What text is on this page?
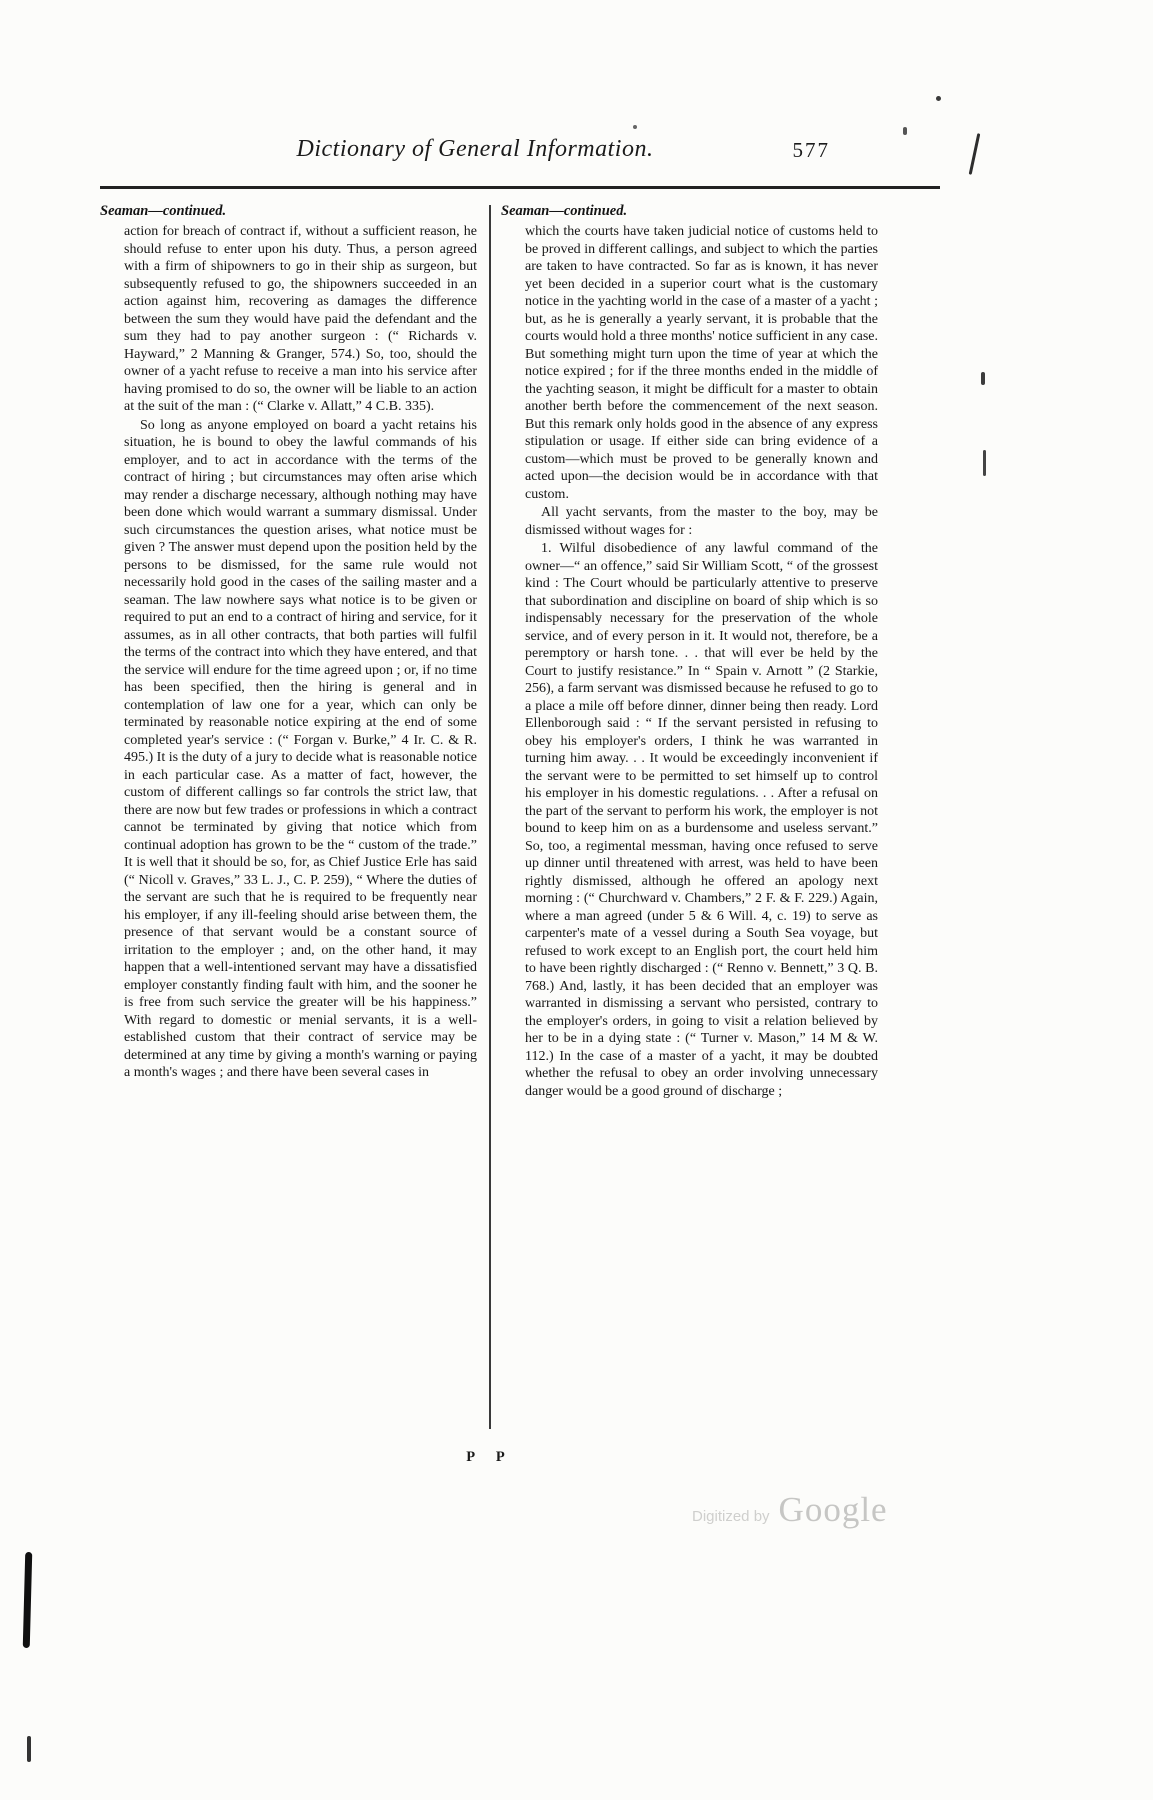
Dictionary of General Information.	577
Seaman—continued.

action for breach of contract if, without a sufficient reason, he should refuse to enter upon his duty. Thus, a person agreed with a firm of shipowners to go in their ship as surgeon, but subsequently refused to go, the shipowners succeeded in an action against him, recovering as damages the difference between the sum they would have paid the defendant and the sum they had to pay another surgeon : (“ Richards v. Hayward,” 2 Manning & Granger, 574.) So, too, should the owner of a yacht refuse to receive a man into his service after having promised to do so, the owner will be liable to an action at the suit of the man : (“ Clarke v. Allatt,” 4 C.B. 335).

So long as anyone employed on board a yacht retains his situation, he is bound to obey the lawful commands of his employer, and to act in accordance with the terms of the contract of hiring ; but circumstances may often arise which may render a discharge necessary, although nothing may have been done which would warrant a summary dismissal. Under such circumstances the question arises, what notice must be given ? The answer must depend upon the position held by the persons to be dismissed, for the same rule would not necessarily hold good in the cases of the sailing master and a seaman. The law nowhere says what notice is to be given or required to put an end to a contract of hiring and service, for it assumes, as in all other contracts, that both parties will fulfil the terms of the contract into which they have entered, and that the service will endure for the time agreed upon ; or, if no time has been specified, then the hiring is general and in contemplation of law one for a year, which can only be terminated by reasonable notice expiring at the end of some completed year's service : (“ Forgan v. Burke,” 4 Ir. C. & R. 495.) It is the duty of a jury to decide what is reasonable notice in each particular case. As a matter of fact, however, the custom of different callings so far controls the strict law, that there are now but few trades or professions in which a contract cannot be terminated by giving that notice which from continual adoption has grown to be the “ custom of the trade.” It is well that it should be so, for, as Chief Justice Erle has said (“ Nicoll v. Graves,” 33 L. J., C. P. 259), “ Where the duties of the servant are such that he is required to be frequently near his employer, if any ill-feeling should arise between them, the presence of that servant would be a constant source of irritation to the employer ; and, on the other hand, it may happen that a well-intentioned servant may have a dissatisfied employer constantly finding fault with him, and the sooner he is free from such service the greater will be his happiness.” With regard to domestic or menial servants, it is a well-established custom that their contract of service may be determined at any time by giving a month's warning or paying a month's wages ; and there have been several cases in

Seaman—continued.

which the courts have taken judicial notice of customs held to be proved in different callings, and subject to which the parties are taken to have contracted. So far as is known, it has never yet been decided in a superior court what is the customary notice in the yachting world in the case of a master of a yacht ; but, as he is generally a yearly servant, it is probable that the courts would hold a three months' notice sufficient in any case. But something might turn upon the time of year at which the notice expired ; for if the three months ended in the middle of the yachting season, it might be difficult for a master to obtain another berth before the commencement of the next season. But this remark only holds good in the absence of any express stipulation or usage. If either side can bring evidence of a custom—which must be proved to be generally known and acted upon—the decision would be in accordance with that custom.

All yacht servants, from the master to the boy, may be dismissed without wages for :

1. Wilful disobedience of any lawful command of the owner—“ an offence,” said Sir William Scott, “ of the grossest kind : The Court whould be particularly attentive to preserve that subordination and discipline on board of ship which is so indispensably necessary for the preservation of the whole service, and of every person in it. It would not, therefore, be a peremptory or harsh tone. . . that will ever be held by the Court to justify resistance.” In “ Spain v. Arnott ” (2 Starkie, 256), a farm servant was dismissed because he refused to go to a place a mile off before dinner, dinner being then ready. Lord Ellenborough said : “ If the servant persisted in refusing to obey his employer's orders, I think he was warranted in turning him away. . . It would be exceedingly inconvenient if the servant were to be permitted to set himself up to control his employer in his domestic regulations. . . After a refusal on the part of the servant to perform his work, the employer is not bound to keep him on as a burdensome and useless servant.” So, too, a regimental messman, having once refused to serve up dinner until threatened with arrest, was held to have been rightly dismissed, although he offered an apology next morning : (“ Churchward v. Chambers,” 2 F. & F. 229.) Again, where a man agreed (under 5 & 6 Will. 4, c. 19) to serve as carpenter's mate of a vessel during a South Sea voyage, but refused to work except to an English port, the court held him to have been rightly discharged : (“ Renno v. Bennett,” 3 Q. B. 768.) And, lastly, it has been decided that an employer was warranted in dismissing a servant who persisted, contrary to the employer's orders, in going to visit a relation believed by her to be in a dying state : (“ Turner v. Mason,” 14 M & W. 112.) In the case of a master of a yacht, it may be doubted whether the refusal to obey an order involving unnecessary danger would be a good ground of discharge ;

P P
Digitized by Google
